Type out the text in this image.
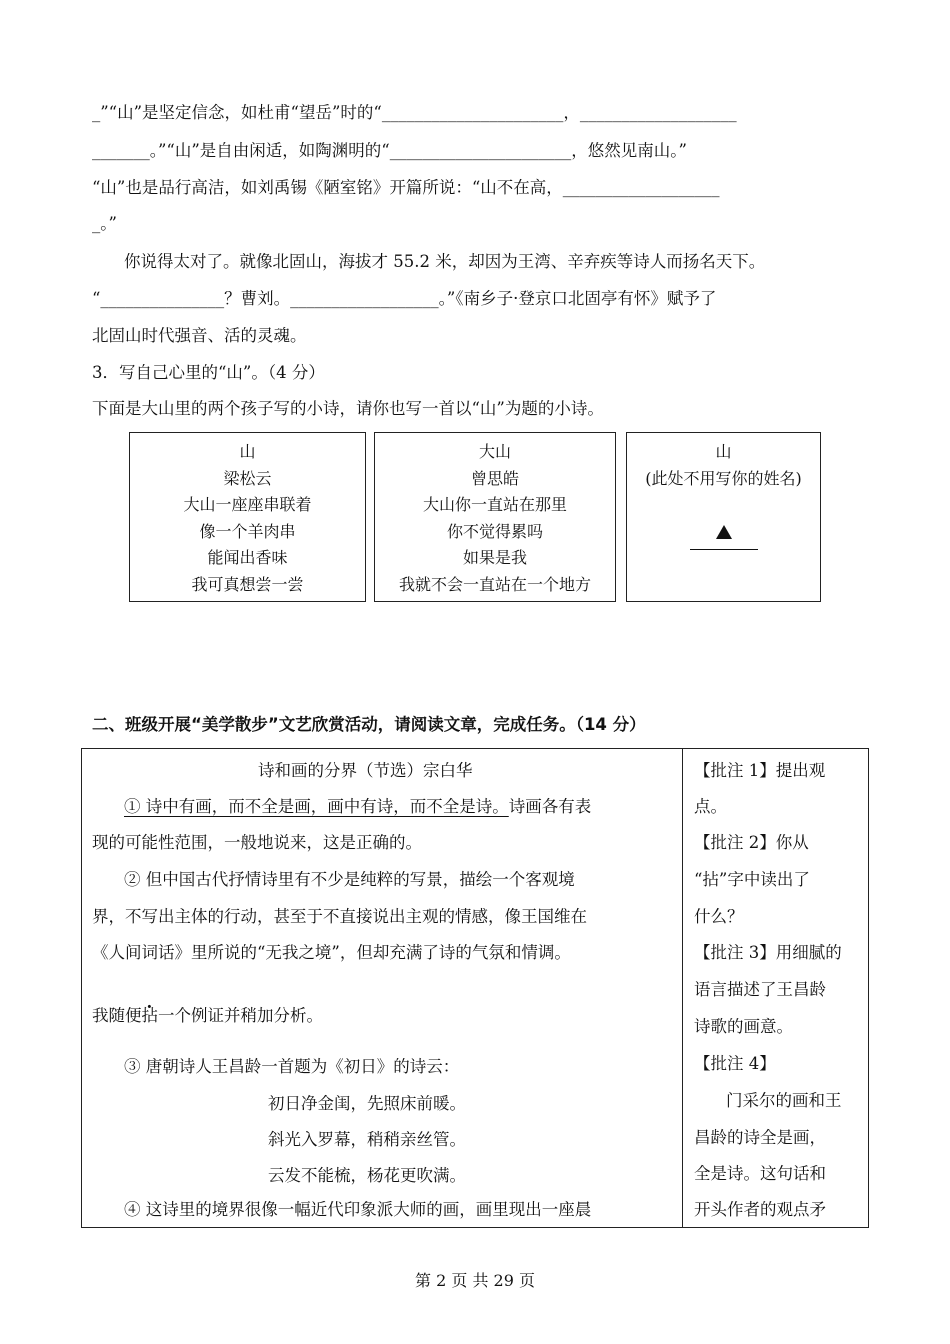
_”“山”是坚定信念，如杜甫“望岳”时的“______________________，___________________
_______。”“山”是自由闲适，如陶渊明的“______________________，悠然见南山。”
“山”也是品行高洁，如刘禹锡《陋室铭》开篇所说：“山不在高，___________________
_。”
你说得太对了。就像北固山，海拔才 55.2 米，却因为王湾、辛弃疾等诗人而扬名天下。
“_______________？曹刘。__________________。”《南乡子·登京口北固亭有怀》赋予了
北固山时代强音、活的灵魂。
3．写自己心里的“山”。（4 分）
下面是大山里的两个孩子写的小诗，请你也写一首以“山”为题的小诗。
山
梁松云
大山一座座串联着
像一个羊肉串
能闻出香味
我可真想尝一尝
大山
曾思皓
大山你一直站在那里
你不觉得累吗
如果是我
我就不会一直站在一个地方
山
(此处不用写你的姓名)
二、班级开展“美学散步”文艺欣赏活动，请阅读文章，完成任务。（14 分）
诗和画的分界（节选）宗白华
① 诗中有画，而不全是画，画中有诗，而不全是诗。诗画各有表
现的可能性范围，一般地说来，这是正确的。
② 但中国古代抒情诗里有不少是纯粹的写景，描绘一个客观境
界，不写出主体的行动，甚至于不直接说出主观的情感，像王国维在
《人间词话》里所说的“无我之境”，但却充满了诗的气氛和情调。
我随便拈一个例证并稍加分析。
③ 唐朝诗人王昌龄一首题为《初日》的诗云：
初日净金闺，先照床前暖。
斜光入罗幕，稍稍亲丝管。
云发不能梳，杨花更吹满。
④ 这诗里的境界很像一幅近代印象派大师的画，画里现出一座晨
【批注 1】提出观
点。
【批注 2】你从
“拈”字中读出了
什么？
【批注 3】用细腻的
语言描述了王昌龄
诗歌的画意。
【批注 4】
门采尔的画和王
昌龄的诗全是画，
全是诗。这句话和
开头作者的观点矛
第 2 页 共 29 页
